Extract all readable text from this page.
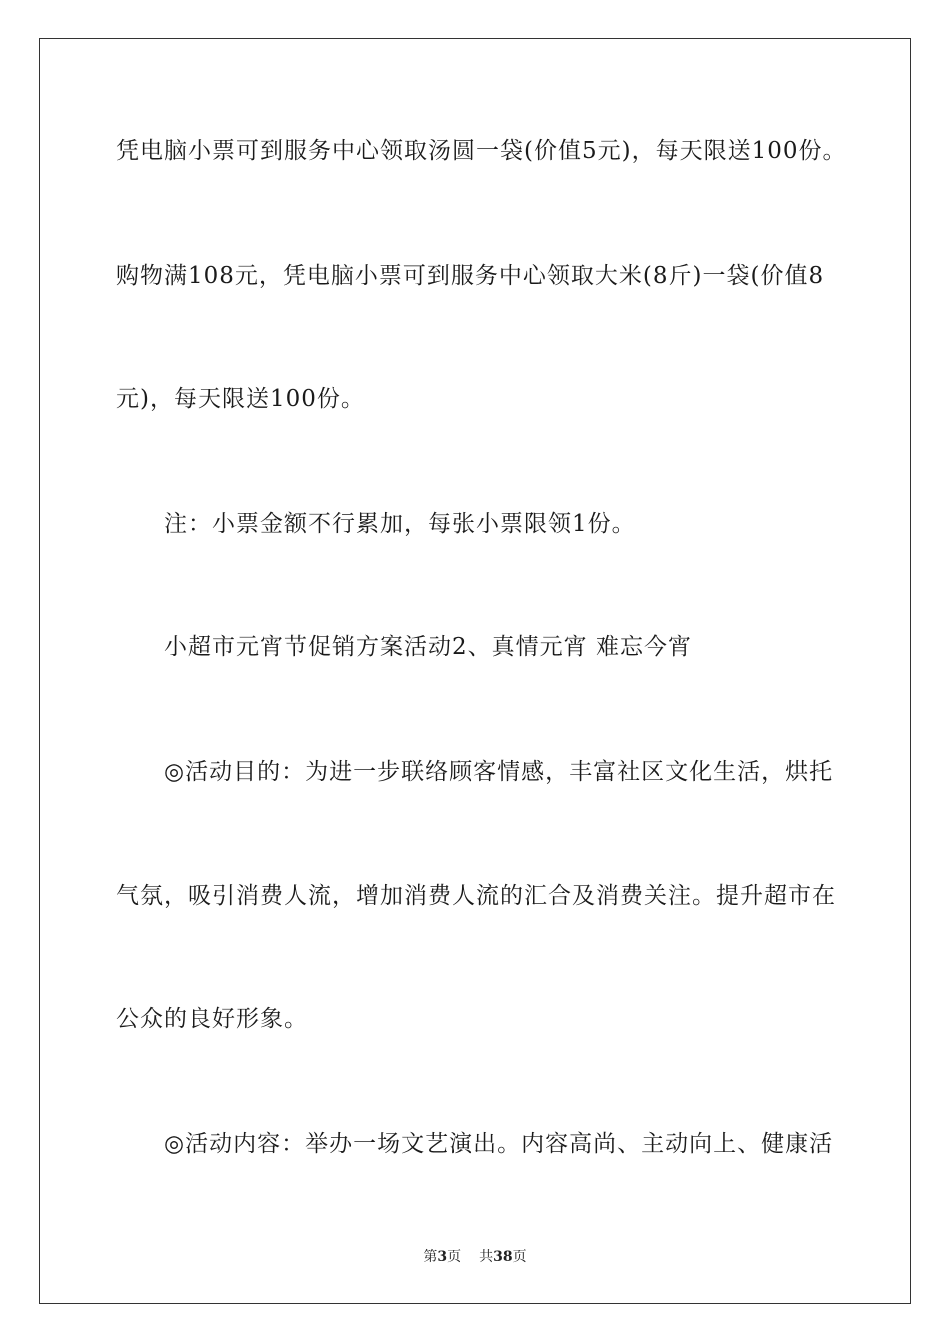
凭电脑小票可到服务中心领取汤圆一袋(价值5元)，每天限送100份。
购物满108元，凭电脑小票可到服务中心领取大米(8斤)一袋(价值8
元)，每天限送100份。
注：小票金额不行累加，每张小票限领1份。
小超市元宵节促销方案活动2、真情元宵 难忘今宵
◎活动目的：为进一步联络顾客情感，丰富社区文化生活，烘托
气氛，吸引消费人流，增加消费人流的汇合及消费关注。提升超市在
公众的良好形象。
◎活动内容：举办一场文艺演出。内容高尚、主动向上、健康活
第3页 共38页
